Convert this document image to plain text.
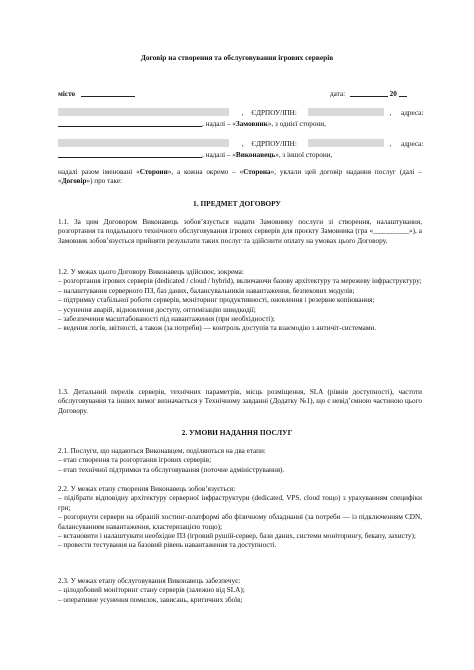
Договір на створення та обслуговування ігрових серверів
місто	дата:	20
, ЄДРПОУ/ІПН:	, адреса:
, надалі – «Замовник», з однієї сторони,
, ЄДРПОУ/ІПН:	, адреса:
, надалі – «Виконавець», з іншої сторони,
надалі разом іменовані «Сторони», а кожна окремо – «Сторона», уклали цей договір надання послуг (далі – «Договір») про таке:
1. ПРЕДМЕТ ДОГОВОРУ
1.1. За цим Договором Виконавець зобов’язується надати Замовнику послуги зі створення, налаштування, розгортання та подальшого технічного обслуговування ігрових серверів для проєкту Замовника (гра «__________»), а Замовник зобов’язується прийняти результати таких послуг та здійснити оплату на умовах цього Договору.
1.2. У межах цього Договору Виконавець здійснює, зокрема:
– розгортання ігрових серверів (dedicated / cloud / hybrid), включаючи базову архітектуру та мережеву інфраструктуру;
– налаштування серверного ПЗ, баз даних, балансувальників навантаження, безпекових модулів;
– підтримку стабільної роботи серверів, моніторинг продуктивності, оновлення і резервне копіювання;
– усунення аварій, відновлення доступу, оптимізацію швидкодії;
– забезпечення масштабованості під навантаження (при необхідності);
– ведення логів, звітності, а також (за потреби) — контроль доступів та взаємодію з античіт-системами.
1.3. Детальний перелік серверів, технічних параметрів, місць розміщення, SLA (рівнів доступності), частоти обслуговування та інших вимог визначається у Технічному завданні (Додатку №1), що є невід’ємною частиною цього Договору.
2. УМОВИ НАДАННЯ ПОСЛУГ
2.1. Послуги, що надаються Виконавцем, поділяються на два етапи:
– етап створення та розгортання ігрових серверів;
– етап технічної підтримки та обслуговування (поточне адміністрування).
2.2. У межах етапу створення Виконавець зобов’язується:
– підібрати відповідну архітектуру серверної інфраструктури (dedicated, VPS, cloud тощо) з урахуванням специфіки гри;
– розгорнути сервери на обраній хостинг-платформі або фізичному обладнанні (за потреби — із підключенням CDN, балансуванням навантаження, кластеризацією тощо);
– встановити і налаштувати необхідне ПЗ (ігровий рушій-сервер, бази даних, системи моніторингу, бекапу, захисту);
– провести тестування на базовий рівень навантаження та доступності.
2.3. У межах етапу обслуговування Виконавець забезпечує:
– цілодобовий моніторинг стану серверів (залежно від SLA);
– оперативне усунення помилок, зависань, критичних збоїв;
